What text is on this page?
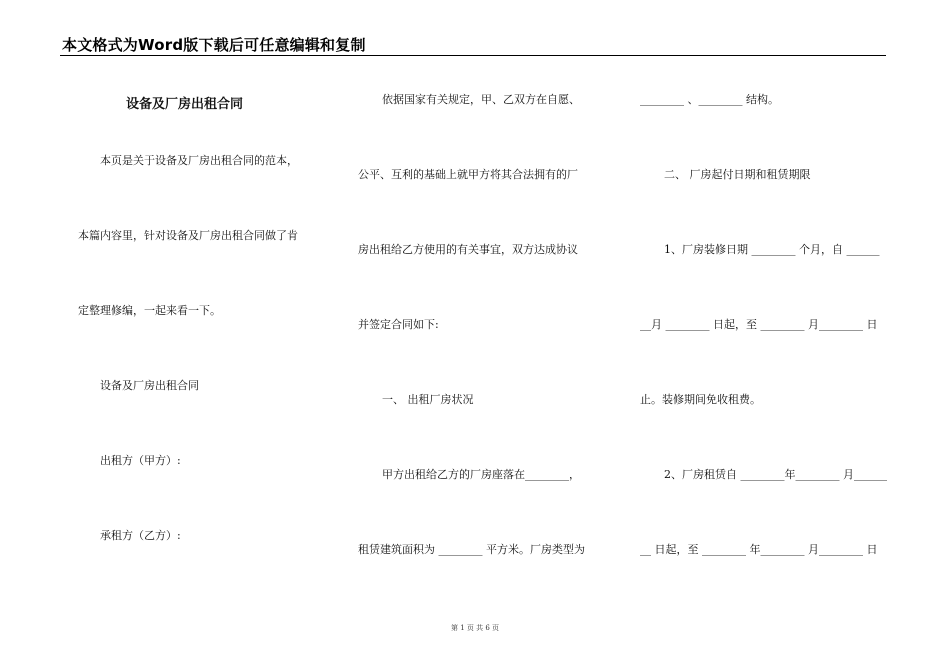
本文格式为Word版下载后可任意编辑和复制
设备及厂房出租合同
本页是关于设备及厂房出租合同的范本，
本篇内容里，针对设备及厂房出租合同做了肯
定整理修编，一起来看一下。
设备及厂房出租合同
出租方（甲方）:
承租方（乙方）:
依据国家有关规定，甲、乙双方在自愿、
公平、互利的基础上就甲方将其合法拥有的厂
房出租给乙方使用的有关事宜，双方达成协议
并签定合同如下:
一、 出租厂房状况
甲方出租给乙方的厂房座落在________，
租赁建筑面积为 ________ 平方米。厂房类型为
________ 、________ 结构。
二、 厂房起付日期和租赁期限
1、厂房装修日期 ________ 个月，自 ______
__月 ________ 日起，至 ________ 月________ 日
止。装修期间免收租费。
2、厂房租赁自 ________年________ 月______
__ 日起，至 ________ 年________ 月________ 日
第 1 页 共 6 页
